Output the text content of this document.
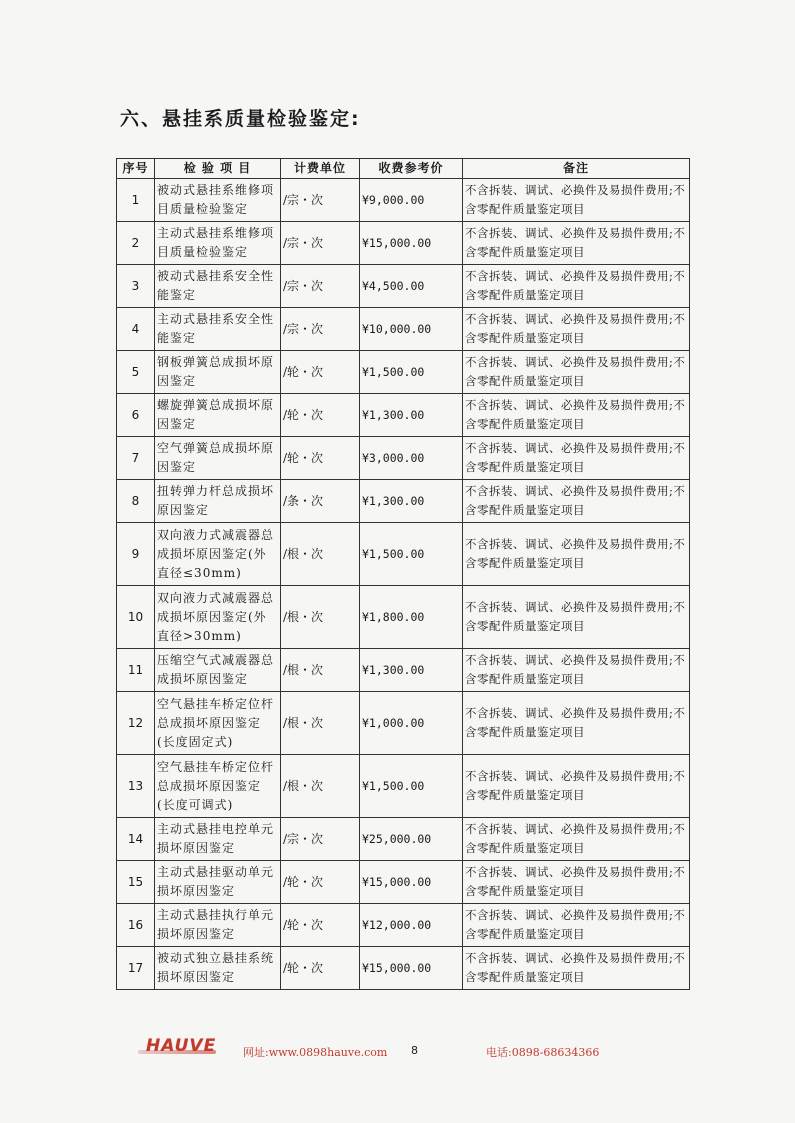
六、悬挂系质量检验鉴定:
序号	检 验 项 目	计费单位	收费参考价	备注
1	被动式悬挂系维修项目质量检验鉴定	/宗・次	¥9,000.00	不含拆装、调试、必换件及易损件费用;不含零配件质量鉴定项目
2	主动式悬挂系维修项目质量检验鉴定	/宗・次	¥15,000.00	不含拆装、调试、必换件及易损件费用;不含零配件质量鉴定项目
3	被动式悬挂系安全性能鉴定	/宗・次	¥4,500.00	不含拆装、调试、必换件及易损件费用;不含零配件质量鉴定项目
4	主动式悬挂系安全性能鉴定	/宗・次	¥10,000.00	不含拆装、调试、必换件及易损件费用;不含零配件质量鉴定项目
5	钢板弹簧总成损坏原因鉴定	/轮・次	¥1,500.00	不含拆装、调试、必换件及易损件费用;不含零配件质量鉴定项目
6	螺旋弹簧总成损坏原因鉴定	/轮・次	¥1,300.00	不含拆装、调试、必换件及易损件费用;不含零配件质量鉴定项目
7	空气弹簧总成损坏原因鉴定	/轮・次	¥3,000.00	不含拆装、调试、必换件及易损件费用;不含零配件质量鉴定项目
8	扭转弹力杆总成损坏原因鉴定	/条・次	¥1,300.00	不含拆装、调试、必换件及易损件费用;不含零配件质量鉴定项目
9	双向液力式减震器总成损坏原因鉴定(外直径≤30mm)	/根・次	¥1,500.00	不含拆装、调试、必换件及易损件费用;不含零配件质量鉴定项目
10	双向液力式减震器总成损坏原因鉴定(外直径>30mm)	/根・次	¥1,800.00	不含拆装、调试、必换件及易损件费用;不含零配件质量鉴定项目
11	压缩空气式减震器总成损坏原因鉴定	/根・次	¥1,300.00	不含拆装、调试、必换件及易损件费用;不含零配件质量鉴定项目
12	空气悬挂车桥定位杆总成损坏原因鉴定(长度固定式)	/根・次	¥1,000.00	不含拆装、调试、必换件及易损件费用;不含零配件质量鉴定项目
13	空气悬挂车桥定位杆总成损坏原因鉴定(长度可调式)	/根・次	¥1,500.00	不含拆装、调试、必换件及易损件费用;不含零配件质量鉴定项目
14	主动式悬挂电控单元损坏原因鉴定	/宗・次	¥25,000.00	不含拆装、调试、必换件及易损件费用;不含零配件质量鉴定项目
15	主动式悬挂驱动单元损坏原因鉴定	/轮・次	¥15,000.00	不含拆装、调试、必换件及易损件费用;不含零配件质量鉴定项目
16	主动式悬挂执行单元损坏原因鉴定	/轮・次	¥12,000.00	不含拆装、调试、必换件及易损件费用;不含零配件质量鉴定项目
17	被动式独立悬挂系统损坏原因鉴定	/轮・次	¥15,000.00	不含拆装、调试、必换件及易损件费用;不含零配件质量鉴定项目
HAUVE 网址:www.0898hauve.com 8	电话:0898-68634366
